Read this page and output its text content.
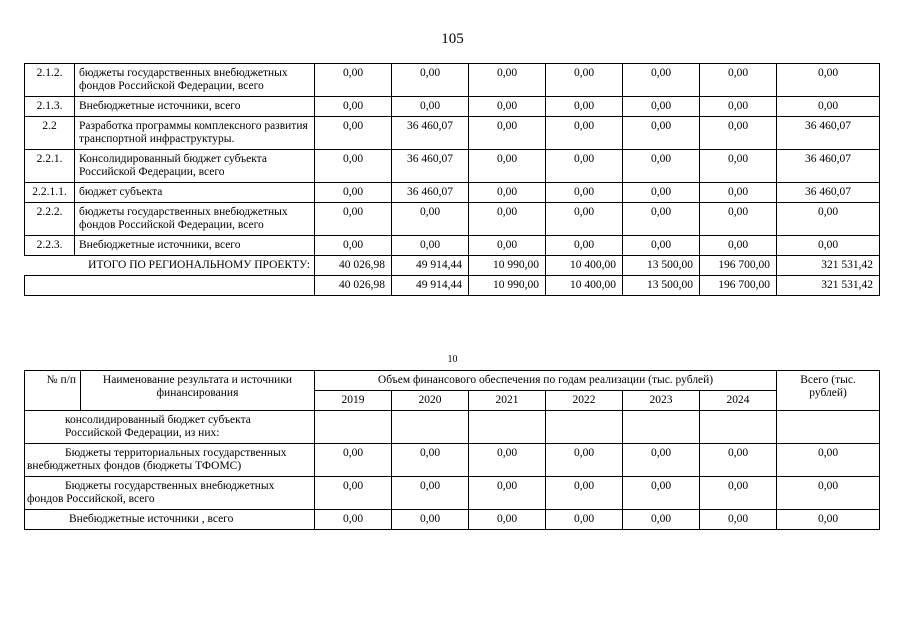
105
2.1.2.	бюджеты государственных внебюджетных фондов Российской Федерации, всего	0,00	0,00	0,00	0,00	0,00	0,00	0,00
2.1.3.	Внебюджетные источники, всего	0,00	0,00	0,00	0,00	0,00	0,00	0,00
2.2	Разработка программы комплексного развития транспортной инфраструктуры.	0,00	36 460,07	0,00	0,00	0,00	0,00	36 460,07
2.2.1.	Консолидированный бюджет субъекта Российской Федерации, всего	0,00	36 460,07	0,00	0,00	0,00	0,00	36 460,07
2.2.1.1.	бюджет субъекта	0,00	36 460,07	0,00	0,00	0,00	0,00	36 460,07
2.2.2.	бюджеты государственных внебюджетных фондов Российской Федерации, всего	0,00	0,00	0,00	0,00	0,00	0,00	0,00
2.2.3.	Внебюджетные источники, всего	0,00	0,00	0,00	0,00	0,00	0,00	0,00
ИТОГО ПО РЕГИОНАЛЬНОМУ ПРОЕКТУ:		40 026,98	49 914,44	10 990,00	10 400,00	13 500,00	196 700,00	321 531,42
		40 026,98	49 914,44	10 990,00	10 400,00	13 500,00	196 700,00	321 531,42
10
№ п/п	Наименование результата и источники финансирования	Объем финансового обеспечения по годам реализации (тыс. рублей)						Всего (тыс. рублей)
		2019	2020	2021	2022	2023	2024	
консолидированный бюджет субъекта Российской Федерации, из них:								
Бюджеты территориальных государственных внебюджетных фондов (бюджеты ТФОМС)		0,00	0,00	0,00	0,00	0,00	0,00	0,00
Бюджеты государственных внебюджетных фондов Российской, всего		0,00	0,00	0,00	0,00	0,00	0,00	0,00
Внебюджетные источники , всего		0,00	0,00	0,00	0,00	0,00	0,00	0,00
